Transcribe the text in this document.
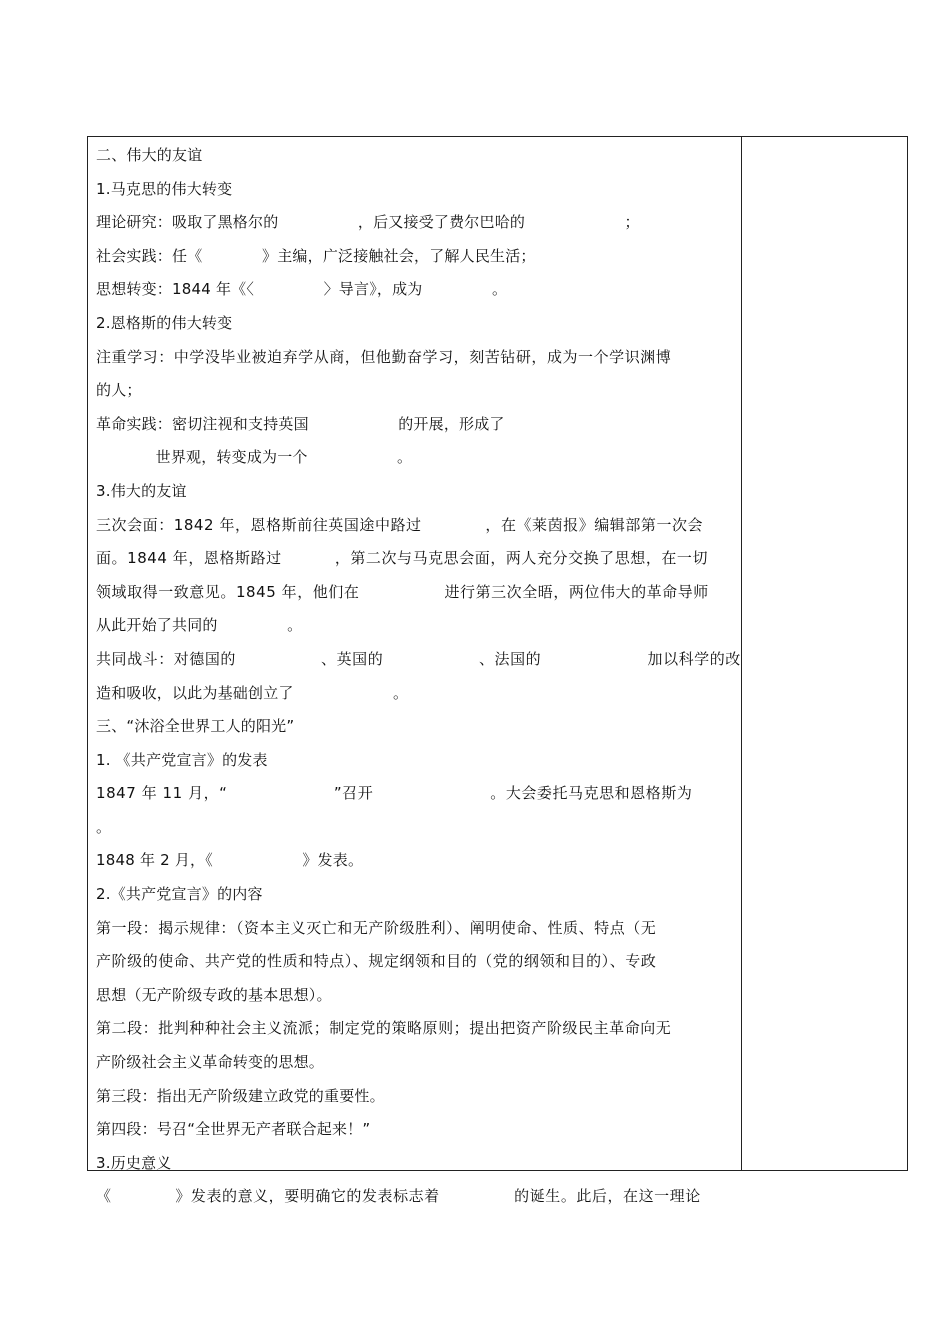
二、伟大的友谊
1.马克思的伟大转变
理论研究：吸取了黑格尔的                ，后又接受了费尔巴哈的                    ；
社会实践：任《            》主编，广泛接触社会，了解人民生活；
思想转变：1844 年《〈              〉导言》，成为              。
2.恩格斯的伟大转变
注重学习：中学没毕业被迫弃学从商，但他勤奋学习，刻苦钻研，成为一个学识渊博
的人；
革命实践：密切注视和支持英国                  的开展，形成了
世界观，转变成为一个                  。
3.伟大的友谊
三次会面：1842 年，恩格斯前往英国途中路过            ，在《莱茵报》编辑部第一次会
面。1844 年，恩格斯路过          ，第二次与马克思会面，两人充分交换了思想，在一切
领域取得一致意见。1845 年，他们在                进行第三次全晤，两位伟大的革命导师
从此开始了共同的              。
共同战斗：对德国的                、英国的                  、法国的                    加以科学的改
造和吸收，以此为基础创立了                    。
三、“沐浴全世界工人的阳光”
1. 《共产党宣言》的发表
1847 年 11 月，“                    ”召开                      。大会委托马克思和恩格斯为
。
1848 年 2 月，《                  》发表。
2.《共产党宣言》的内容
第一段：揭示规律：（资本主义灭亡和无产阶级胜利）、阐明使命、性质、特点（无
产阶级的使命、共产党的性质和特点）、规定纲领和目的（党的纲领和目的）、专政
思想（无产阶级专政的基本思想）。
第二段：批判种种社会主义流派；制定党的策略原则；提出把资产阶级民主革命向无
产阶级社会主义革命转变的思想。
第三段：指出无产阶级建立政党的重要性。
第四段：号召“全世界无产者联合起来！”
3.历史意义
《            》发表的意义，要明确它的发表标志着              的诞生。此后，在这一理论
